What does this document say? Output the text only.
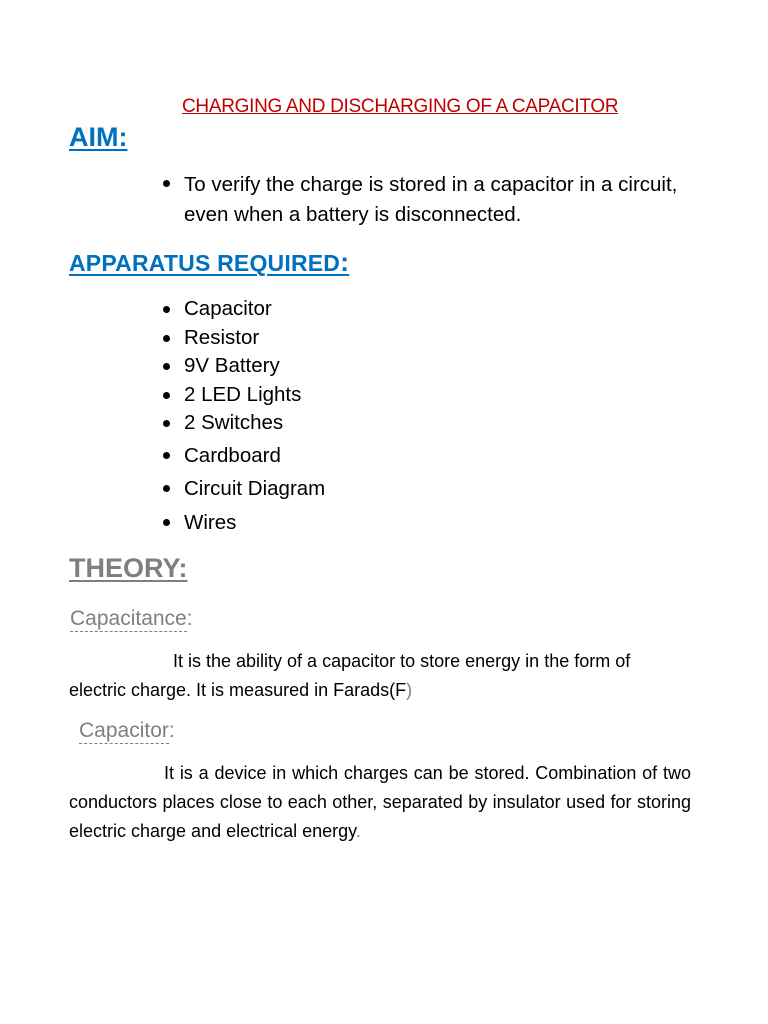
CHARGING AND DISCHARGING OF A CAPACITOR
AIM:
To verify the charge is stored in a capacitor in a circuit, even when a battery is disconnected.
APPARATUS REQUIRED:
Capacitor
Resistor
9V Battery
2 LED Lights
2 Switches
Cardboard
Circuit Diagram
Wires
THEORY:
Capacitance:
It is the ability of a capacitor to store energy in the form of electric charge. It is measured in Farads(F)
Capacitor:
It is a device in which charges can be stored. Combination of two conductors places close to each other, separated by insulator used for storing electric charge and electrical energy.
